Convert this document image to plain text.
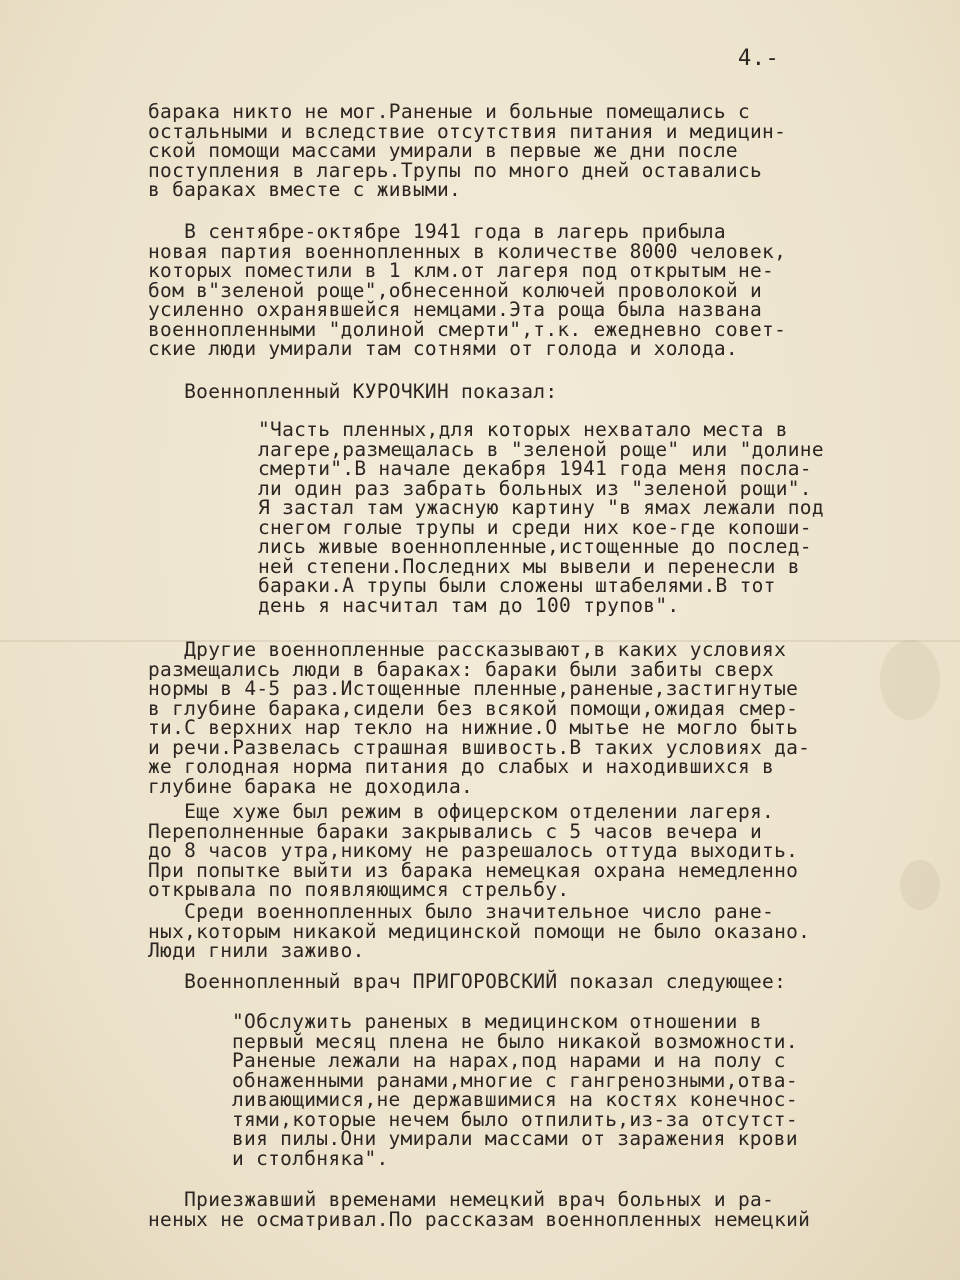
4.-
барака никто не мог.Раненые и больные помещались с
остальными и вследствие отсутствия питания и медицин-
ской помощи массами умирали в первые же дни после
поступления в лагерь.Трупы по много дней оставались
в бараках вместе с живыми.
В сентябре-октябре 1941 года в лагерь прибыла
новая партия военнопленных в количестве 8000 человек,
которых поместили в 1 клм.от лагеря под открытым не-
бом в"зеленой роще",обнесенной колючей проволокой и
усиленно охранявшейся немцами.Эта роща была названа
военнопленными "долиной смерти",т.к. ежедневно совет-
ские люди умирали там сотнями от голода и холода.
Военнопленный КУРОЧКИН показал:
"Часть пленных,для которых нехватало места в
лагере,размещалась в "зеленой роще" или "долине
смерти".В начале декабря 1941 года меня посла-
ли один раз забрать больных из "зеленой рощи".
Я застал там ужасную картину "в ямах лежали под
снегом голые трупы и среди них кое-где копоши-
лись живые военнопленные,истощенные до послед-
ней степени.Последних мы вывели и перенесли в
бараки.А трупы были сложены штабелями.В тот
день я насчитал там до 100 трупов".
Другие военнопленные рассказывают,в каких условиях
размещались люди в бараках: бараки были забиты сверх
нормы в 4-5 раз.Истощенные пленные,раненые,застигнутые
в глубине барака,сидели без всякой помощи,ожидая смер-
ти.С верхних нар текло на нижние.О мытье не могло быть
и речи.Развелась страшная вшивость.В таких условиях да-
же голодная норма питания до слабых и находившихся в
глубине барака не доходила.
Еще хуже был режим в офицерском отделении лагеря.
Переполненные бараки закрывались с 5 часов вечера и
до 8 часов утра,никому не разрешалось оттуда выходить.
При попытке выйти из барака немецкая охрана немедленно
открывала по появляющимся стрельбу.
Среди военнопленных было значительное число ране-
ных,которым никакой медицинской помощи не было оказано.
Люди гнили заживо.
Военнопленный врач ПРИГОРОВСКИЙ показал следующее:
"Обслужить раненых в медицинском отношении в
первый месяц плена не было никакой возможности.
Раненые лежали на нарах,под нарами и на полу с
обнаженными ранами,многие с гангренозными,отва-
ливающимися,не державшимися на костях конечнос-
тями,которые нечем было отпилить,из-за отсутст-
вия пилы.Они умирали массами от заражения крови
и столбняка".
Приезжавший временами немецкий врач больных и ра-
неных не осматривал.По рассказам военнопленных немецкий
